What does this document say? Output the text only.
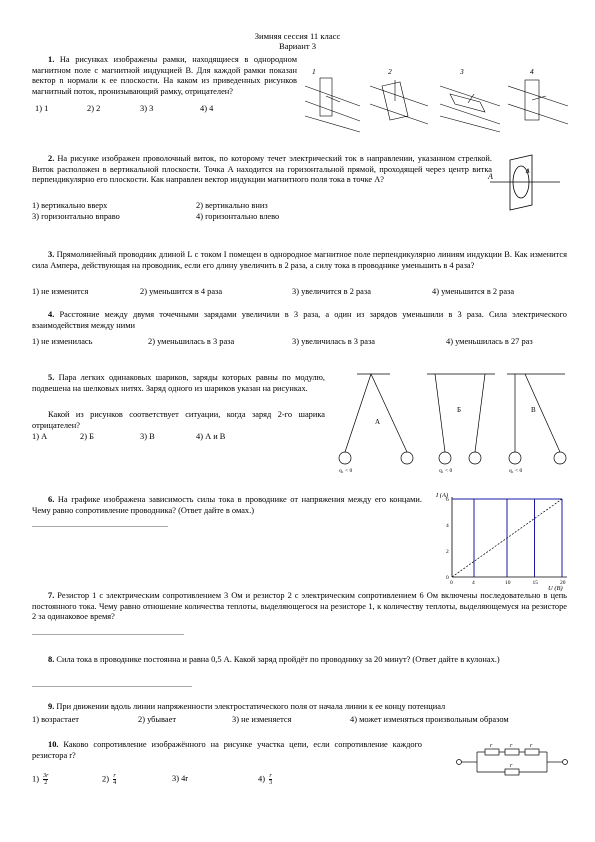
Зимняя сессия 11 класс
Вариант 3
1. На рисунках изображены рамки, находящиеся в однородном магнитном поле с магнитной индукцией B. Для каждой рамки показан вектор n нормали к ее плоскости. На каком из приведенных рисунков магнитный поток, пронизывающий рамку, отрицателен?
1) 1	2) 2	3) 3	4) 4
1	2	3	4
2. На рисунке изображен проволочный виток, по которому течет электрический ток в направлении, указанном стрелкой. Виток расположен в вертикальной плоскости. Точка A находится на горизонтальной прямой, проходящей через центр витка перпендикулярно его плоскости. Как направлен вектор индукции магнитного поля тока в точке A?
1) вертикально вверх	2) вертикально вниз
3) горизонтально вправо	4) горизонтально влево
A
3. Прямолинейный проводник длиной L с током I помещен в однородное магнитное поле перпендикулярно линиям индукции B. Как изменится сила Ампера, действующая на проводник, если его длину увеличить в 2 раза, а силу тока в проводнике уменьшить в 4 раза?
1) не изменится	2) уменьшится в 4 раза	3) увеличится в 2 раза	4) уменьшится в 2 раза
4. Расстояние между двумя точечными зарядами увеличили в 3 раза, а один из зарядов уменьшили в 3 раза. Сила электрического взаимодействия между ними
1) не изменилась	2) уменьшилась в 3 раза	3) увеличилась в 3 раза	4) уменьшилась в 27 раз
5. Пара легких одинаковых шариков, заряды которых равны по модулю, подвешена на шелковых нитях. Заряд одного из шариков указан на рисунках.
Какой из рисунков соответствует ситуации, когда заряд 2-го шарика отрицателен?
1) А	2) Б	3) В	4) А и В
А
Б	В
q₁ < 0	q₁ < 0	q₁ < 0
6. На графике изображена зависимость силы тока в проводнике от напряжения между его концами. Чему равно сопротивление проводника? (Ответ дайте в омах.)
__________________________________
0	4	10	15	20
0
2
4
6
I (А)
U (В)
7. Резистор 1 с электрическим сопротивлением 3 Ом и резистор 2 с электрическим сопротивлением 6 Ом включены последовательно в цепь постоянного тока. Чему равно отношение количества теплоты, выделяющегося на резисторе 1, к количеству теплоты, выделяющемуся на резисторе 2 за одинаковое время?
______________________________________
8. Сила тока в проводнике постоянна и равна 0,5 А. Какой заряд пройдёт по проводнику за 20 минут? (Ответ дайте в кулонах.)
________________________________________
9. При движении вдоль линии напряженности электростатического поля от начала линии к ее концу потенциал
1) возрастает	2) убывает	3) не изменяется	4) может изменяться произвольным образом
10. Каково сопротивление изображённого на рисунке участка цепи, если сопротивление каждого резистора r?
$1) \frac{3r}{2}$	$2) \frac{r}{4}$	3) 4r	$4) \frac{r}{3}$
r	r	r
r
